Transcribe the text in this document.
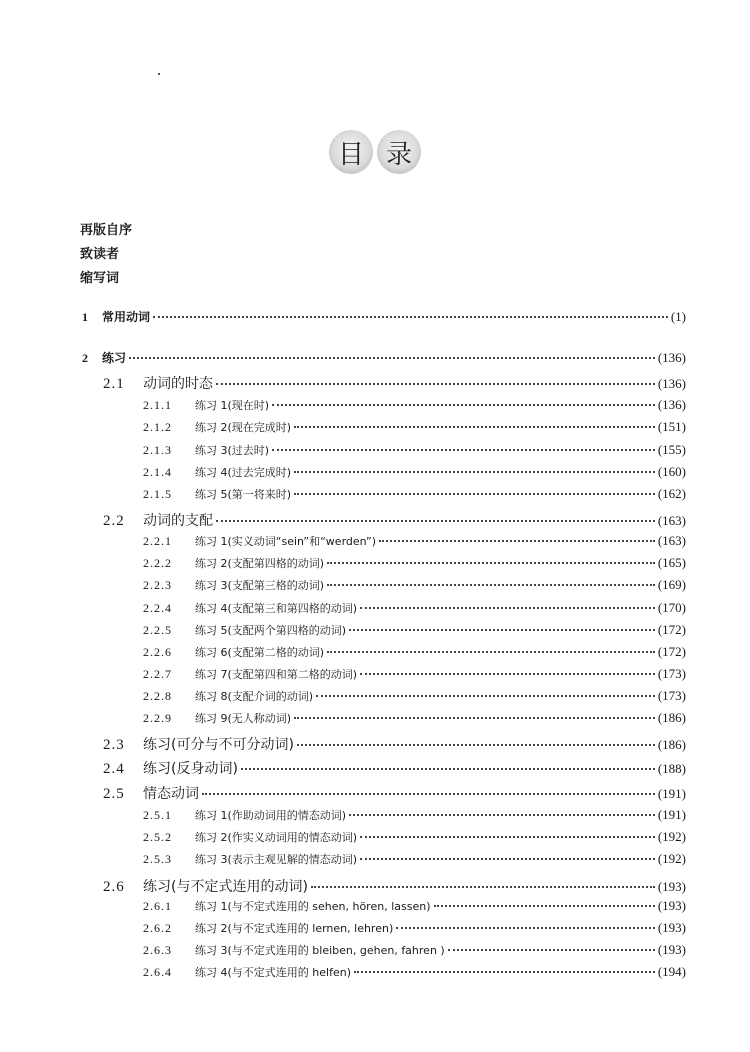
目 录
再版自序
致读者
缩写词
1	常用动词	(1)
2	练习	(136)
2.1	动词的时态	(136)
2.1.1	练习 1(现在时)	(136)
2.1.2	练习 2(现在完成时)	(151)
2.1.3	练习 3(过去时)	(155)
2.1.4	练习 4(过去完成时)	(160)
2.1.5	练习 5(第一将来时)	(162)
2.2	动词的支配	(163)
2.2.1	练习 1(实义动词“sein”和“werden”)	(163)
2.2.2	练习 2(支配第四格的动词)	(165)
2.2.3	练习 3(支配第三格的动词)	(169)
2.2.4	练习 4(支配第三和第四格的动词)	(170)
2.2.5	练习 5(支配两个第四格的动词)	(172)
2.2.6	练习 6(支配第二格的动词)	(172)
2.2.7	练习 7(支配第四和第二格的动词)	(173)
2.2.8	练习 8(支配介词的动词)	(173)
2.2.9	练习 9(无人称动词)	(186)
2.3	练习(可分与不可分动词)	(186)
2.4	练习(反身动词)	(188)
2.5	情态动词	(191)
2.5.1	练习 1(作助动词用的情态动词)	(191)
2.5.2	练习 2(作实义动词用的情态动词)	(192)
2.5.3	练习 3(表示主观见解的情态动词)	(192)
2.6	练习(与不定式连用的动词)	(193)
2.6.1	练习 1(与不定式连用的 sehen, hören, lassen)	(193)
2.6.2	练习 2(与不定式连用的 lernen, lehren)	(193)
2.6.3	练习 3(与不定式连用的 bleiben, gehen, fahren )	(193)
2.6.4	练习 4(与不定式连用的 helfen)	(194)
